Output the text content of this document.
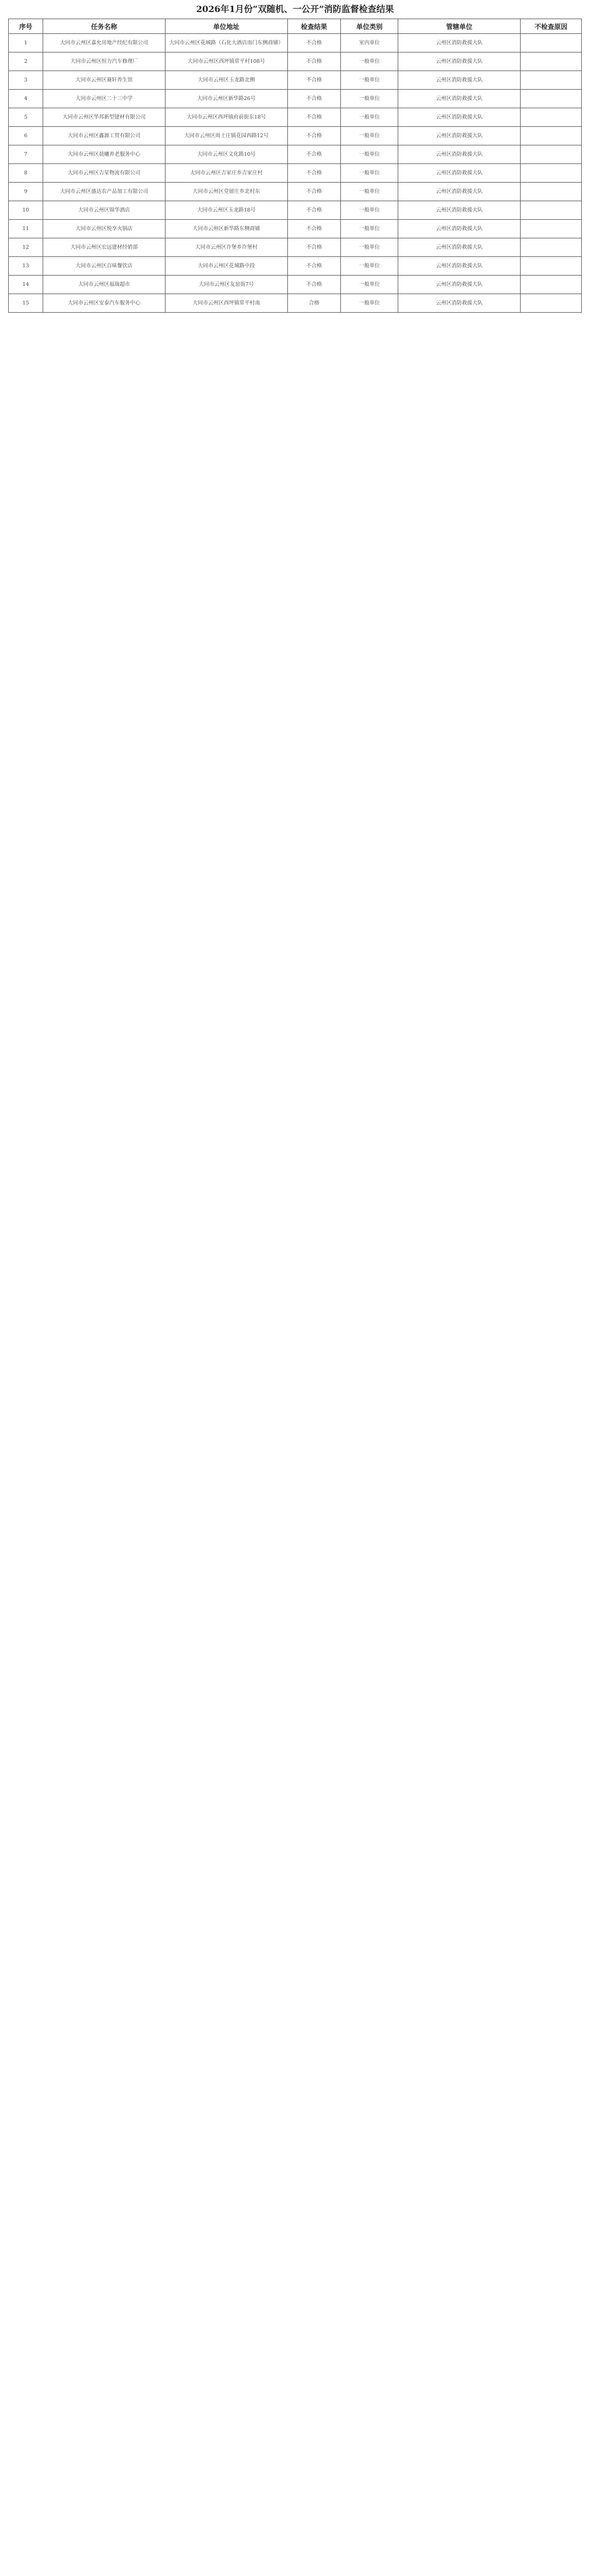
2026年1月份“双随机、一公开”消防监督检查结果
序号	任务名称	单位地址	检查结果	单位类别	管辖单位	不检查原因
1	大同市云州区嘉允房地产经纪有限公司	大同市云州区花城路（石化大酒店南门东侧商铺）	不合格	室内单位	云州区消防救援大队	
2	大同市云州区恒力汽车修理厂	大同市云州区西坪镇常平村108号	不合格	一般单位	云州区消防救援大队	
3	大同市云州区赛轩养生馆	大同市云州区玉龙路北侧	不合格	一般单位	云州区消防救援大队	
4	大同市云州区二十三中学	大同市云州区新华路26号	不合格	一般单位	云州区消防救援大队	
5	大同市云州区华邦新型建材有限公司	大同市云州区西坪镇府前街东18号	不合格	一般单位	云州区消防救援大队	
6	大同市云州区鑫源工贸有限公司	大同市云州区周士庄镇花园西路12号	不合格	一般单位	云州区消防救援大队	
7	大同市云州区晨曦养老服务中心	大同市云州区文化路10号	不合格	一般单位	云州区消防救援大队	
8	大同市云州区吉星物流有限公司	大同市云州区吉家庄乡吉家庄村	不合格	一般单位	云州区消防救援大队	
9	大同市云州区盛达农产品加工有限公司	大同市云州区党留庄乡北村东	不合格	一般单位	云州区消防救援大队	
10	大同市云州区锦华酒店	大同市云州区玉龙路18号	不合格	一般单位	云州区消防救援大队	
11	大同市云州区悦享火锅店	大同市云州区新华路东侧商铺	不合格	一般单位	云州区消防救援大队	
12	大同市云州区宏远建材经销部	大同市云州区许堡乡许堡村	不合格	一般单位	云州区消防救援大队	
13	大同市云州区百味餐饮店	大同市云州区花城路中段	不合格	一般单位	云州区消防救援大队	
14	大同市云州区福瑞超市	大同市云州区友谊街7号	不合格	一般单位	云州区消防救援大队	
15	大同市云州区安泰汽车服务中心	大同市云州区西坪镇常平村南	合格	一般单位	云州区消防救援大队	
